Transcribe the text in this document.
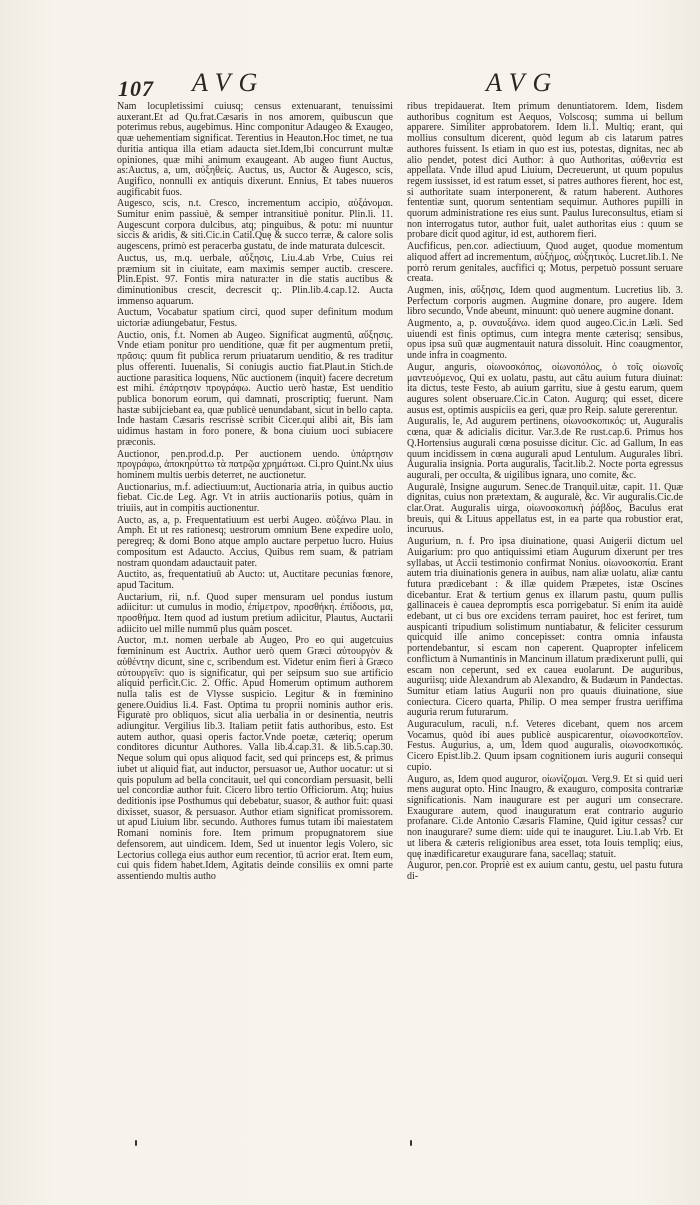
107 AVG	AVG

Nam locupletissimi cuiusq; census extenuarant, tenuissimi auxerant.Et ad Qu.frat.Cæsaris in nos amorem, quibuscun que poterimus rebus, augebimus. Hinc componitur Adaugeo & Exaugeo, quæ uehementiam significat. Terentius in Heauton.Hoc timet, ne tua duritia antiqua illa etiam adaucta siet.Idem,Ibi concurrunt multæ opiniones, quæ mihi animum exaugeant. Ab augeo fiunt Auctus, as:Auctus, a, um, αὐξηθείς. Auctus, us, Auctor & Augesco, scis, Augifico, nonnulli ex antiquis dixerunt. Ennius, Et tabes nuueros augificabit fuos.

Augesco, scis, n.t. Cresco, incrementum accipio, αὐξάνομαι. Sumitur enim passiuè, & semper intransitiuè ponitur. Plin.li. 11. Augescunt corpora dulcibus, atq; pinguibus, & potu: mi nuuntur siccis & aridis, & siti.Cic.in Catil.Quę & succo terræ, & calore solis augescens, primò est peracerba gustatu, de inde maturata dulcescit.

Auctus, us, m.q. uerbale, αὔξησις, Liu.4.ab Vrbe, Cuius rei præmium sit in ciuitate, eam maximis semper auctib. crescere. Plin.Epist. 97. Fontis mira natura:ter in die statis auctibus & diminutionibus crescit, decrescit q;. Plin.lib.4.cap.12. Aucta immenso aquarum.

Auctum, Vocabatur spatium circi, quod super definitum modum uictoriæ adiungebatur, Festus.

Auctio, onis, f.t. Nomen ab Augeo. Significat augmentũ, αὔξησις. Vnde etiam ponitur pro uenditione, quæ fit per augmentum pretii, πρᾶσις: quum fit publica rerum priuatarum uenditio, & res traditur plus offerenti. Iuuenalis, Si coniugis auctio fiat.Plaut.in Stich.de auctione parasitica loquens, Nūc auctionem (inquit) facere decretum est mihi. ἐπάρτησιν προγράφω. Auctio uerò hastæ, Est uenditio publica bonorum eorum, qui damnati, proscriptiq; fuerunt. Nam hastæ subijciebant ea, quæ publicè uenundabant, sicut in bello capta. Inde hastam Cæsaris rescrissè scribit Cicer.qui alibi ait, Bis iam uidimus hastam in foro ponere, & bona ciuium uoci subiacere præconis.

Auctionor, pen.prod.d.p. Per auctionem uendo. ὑπάρτησιν προγράφω, ἀποκηρύττω τὰ πατρῷα χρημάτωα. Ci.pro Quint.Nx uius hominem multis uerbis deterret, ne auctionetur.

Auctionarius, m.f. adiectiuum:ut, Auctionaria atria, in quibus auctio fiebat. Cic.de Leg. Agr. Vt in atriis auctionariis potius, quàm in triuiis, aut in compitis auctionentur.

Aucto, as, a, p. Frequentatiuum est uerbi Augeo. αὐξάνω Plau. in Amph. Et ut res rationesq; uestrorum omnium Bene expedire uolo, peregreq; & domi Bono atque amplo auctare perpetuo lucro. Huius compositum est Adaucto. Accius, Quibus rem suam, & patriam nostram quondam adauctauit pater.

Auctito, as, frequentatiuū ab Aucto: ut, Auctitare pecunias fœnore, apud Tacitum.

Auctarium, rii, n.f. Quod super mensuram uel pondus iustum adiicitur: ut cumulus in modio, ἐπίμετρον, προσθήκη. ἐπίδοσιs, μα, προσθήμα. Item quod ad iustum pretium adiicitur, Plautus, Auctarii adiicito uel mille nummũ plus quàm poscet.

Auctor, m.t. nomen uerbale ab Augeo, Pro eo qui augetcuius fœmininum est Auctrix. Author uerò quem Græci αὐτουργὸν & αὐθέντην dicunt, sine c, scribendum est. Videtur enim fieri à Græco αὐτουργεῖν: quo is significatur, qui per seipsum suo sue artificio aliquid perficit.Cic. 2. Offic. Apud Homerum optimum authorem nulla talis est de Vlysse suspicio. Legitur & in fœminino genere.Ouidius li.4. Fast. Optima tu proprii nominis author eris. Figuratè pro obliquos, sicut alia uerbalia in or desinentia, neutris adiungitur. Vergilius lib.3. Italiam petiit fatis authoribus, esto. Est autem author, quasi operis factor.Vnde poetæ, cæteriq; operum conditores dicuntur Authores. Valla lib.4.cap.31. & lib.5.cap.30. Neque solum qui opus aliquod facit, sed qui princeps est, & primus iubet ut aliquid fiat, aut inductor, persuasor ue, Author uocatur: ut si quis populum ad bella concitauit, uel qui concordiam persuasit, belli uel concordiæ author fuit. Cicero libro tertio Officiorum. Atq; huius deditionis ipse Posthumus qui debebatur, suasor, & author fuit: quasi dixisset, suasor, & persuasor. Author etiam significat promissorem. ut apud Liuium libr. secundo. Authores fumus tutam ibi maiestatem Romani nominis fore. Item primum propugnatorem siue defensorem, aut uindicem. Idem, Sed ut inuentor legis Volero, sic Lectorius collega eius author eum recentior, tū acrior erat. Item eum, cui quis fidem habet.Idem, Agitatis deinde consiliis ex omni parte assentiendo multis autho

ribus trepidauerat. Item primum denuntiatorem. Idem, Iisdem authoribus cognitum est Aequos, Volscosq; summa ui bellum apparere. Similiter approbatorem. Idem li.1. Multiq; erant, qui mollius consultum dicerent, quòd legum ab cis latarum patres authores fuissent. Is etiam in quo est ius, potestas, dignitas, nec ab alio pendet, potest dici Author: à quo Authoritas, αὐθεντία est appellata. Vnde illud apud Liuium, Decreuerunt, ut quum populus regem iussisset, id est ratum esset, si patres authores fierent, hoc est, si authoritate suam interponerent, & ratum haberent. Authores fententiæ sunt, quorum sententiam sequimur. Authores pupilli in quorum administratione res eius sunt. Paulus Iureconsultus, etiam si non interrogatus tutor, author fuit, ualet authoritas eius : quum se probare dicit quod agitur, id est, authorem fieri.

Aucfificus, pen.cor. adiectiuum, Quod auget, quodue momentum aliquod affert ad incrementum, αὐξήμος, αὐξητικός. Lucret.lib.1. Ne porrò rerum genitales, aucfifici q; Motus, perpetuò possunt seruare creata.

Augmen, inis, αὔξησις, Idem quod augmentum. Lucretius lib. 3. Perfectum corporis augmen. Augmine donare, pro augere. Idem libro secundo, Vnde abeunt, minuunt: quò uenere augmine donant.

Augmento, a, p. συναυξάνω. idem quod augeo.Cic.in Læli. Sed uiuendi est finis optimus, cum integra mente cæterisq; sensibus, opus ipsa suũ quæ augmentauit natura dissoluit. Hinc coaugmentor, unde infra in coagmento.

Augur, anguris, οἰωνοσκόπος, οἰωνοπόλος, ὁ τοῖς οἰωνοῖς μαντευόμενος, Qui ex uolatu, pastu, aut cātu auium futura diuinat: ita dictus, teste Festo, ab auium garritu, siue à gestu earum, quem augures solent obseruare.Cic.in Caton. Augurq; qui esset, dicere ausus est, optimis auspiciis ea geri, quæ pro Reip. salute gererentur.

Auguralis, le, Ad augurem pertinens, οἰωνοσκοπικός: ut, Auguralis cœna, quæ & adicialis dicitur. Var.3.de Re rust.cap.6. Primus hos Q.Hortensius augurali cœna posuisse dicitur. Cic. ad Gallum, In eas quum incidissem in cœna augurali apud Lentulum. Augurales libri. Auguralia insignia. Porta auguralis, Tacit.lib.2. Nocte porta egressus augurali, per occulta, & uigilibus ignara, uno comite, &c.

Auguralè, Insigne augurum. Senec.de Tranquil.uitæ, capit. 11. Quæ dignitas, cuius non prætextam, & auguralè, &c. Vir auguralis.Cic.de clar.Orat. Auguralis uirga, οἰωνοσκοπικὴ ῥάβδος, Baculus erat breuis, qui & Lituus appellatus est, in ea parte qua robustior erat, incuruus.

Augurium, n. f. Pro ipsa diuinatione, quasi Auigerii dictum uel Auigarium: pro quo antiquissimi etiam Augurum dixerunt per tres syllabas, ut Accii testimonio confirmat Nonius. οἰωνοσκοπία. Erant autem tria diuinationis genera in auibus, nam aliæ uolatu, aliæ cantu futura prædicebant : & illæ quidem Præpetes, istæ Oscines dicebantur. Erat & tertium genus ex illarum pastu, quum pullis gallinaceis è cauea depromptis esca porrigebatur. Si enim ita auidè edebant, ut ci bus ore excidens terram pauiret, hoc est feriret, tum auspicanti tripudium solistimum nuntiabatur, & feliciter cessurum quicquid ille animo concepisset: contra omnia infausta portendebantur, si escam non caperent. Quapropter infelicem conflictum à Numantinis in Mancinum illatum prædixerunt pulli, qui escam non ceperunt, sed ex cauea euolarunt. De auguribus, auguriisq; uide Alexandrum ab Alexandro, & Budæum in Pandectas. Sumitur etiam latius Augurii non pro quauis diuinatione, siue coniectura. Cicero quarta, Philip. O mea semper frustra ueriffima auguria rerum futurarum.

Auguraculum, raculi, n.f. Veteres dicebant, quem nos arcem Vocamus, quòd ibi aues publicè auspicarentur, οἰωνοσκοπεῖον. Festus. Augurius, a, um, Idem quod auguralis, οἰωνοσκοπικός. Cicero Epist.lib.2. Quum ipsam cognitionem iuris augurii consequi cupio.

Auguro, as, Idem quod auguror, οἰωνίζομαι. Verg.9. Et si quid ueri mens augurat opto. Hinc Inaugro, & exauguro, composita contrariæ significationis. Nam inaugurare est per auguri um consecrare. Exaugurare autem, quod inauguratum erat contrario augurio profanare. Ci.de Antonio Cæsaris Flamine, Quid igitur cessas? cur non inaugurare? sume diem: uide qui te inauguret. Liu.1.ab Vrb. Et ut libera & cæteris religionibus area esset, tota Iouis templiq; eius, quę inædificaretur exaugurare fana, sacellaq; statuit.

Auguror, pen.cor. Propriè est ex auium cantu, gestu, uel pastu futura di-
